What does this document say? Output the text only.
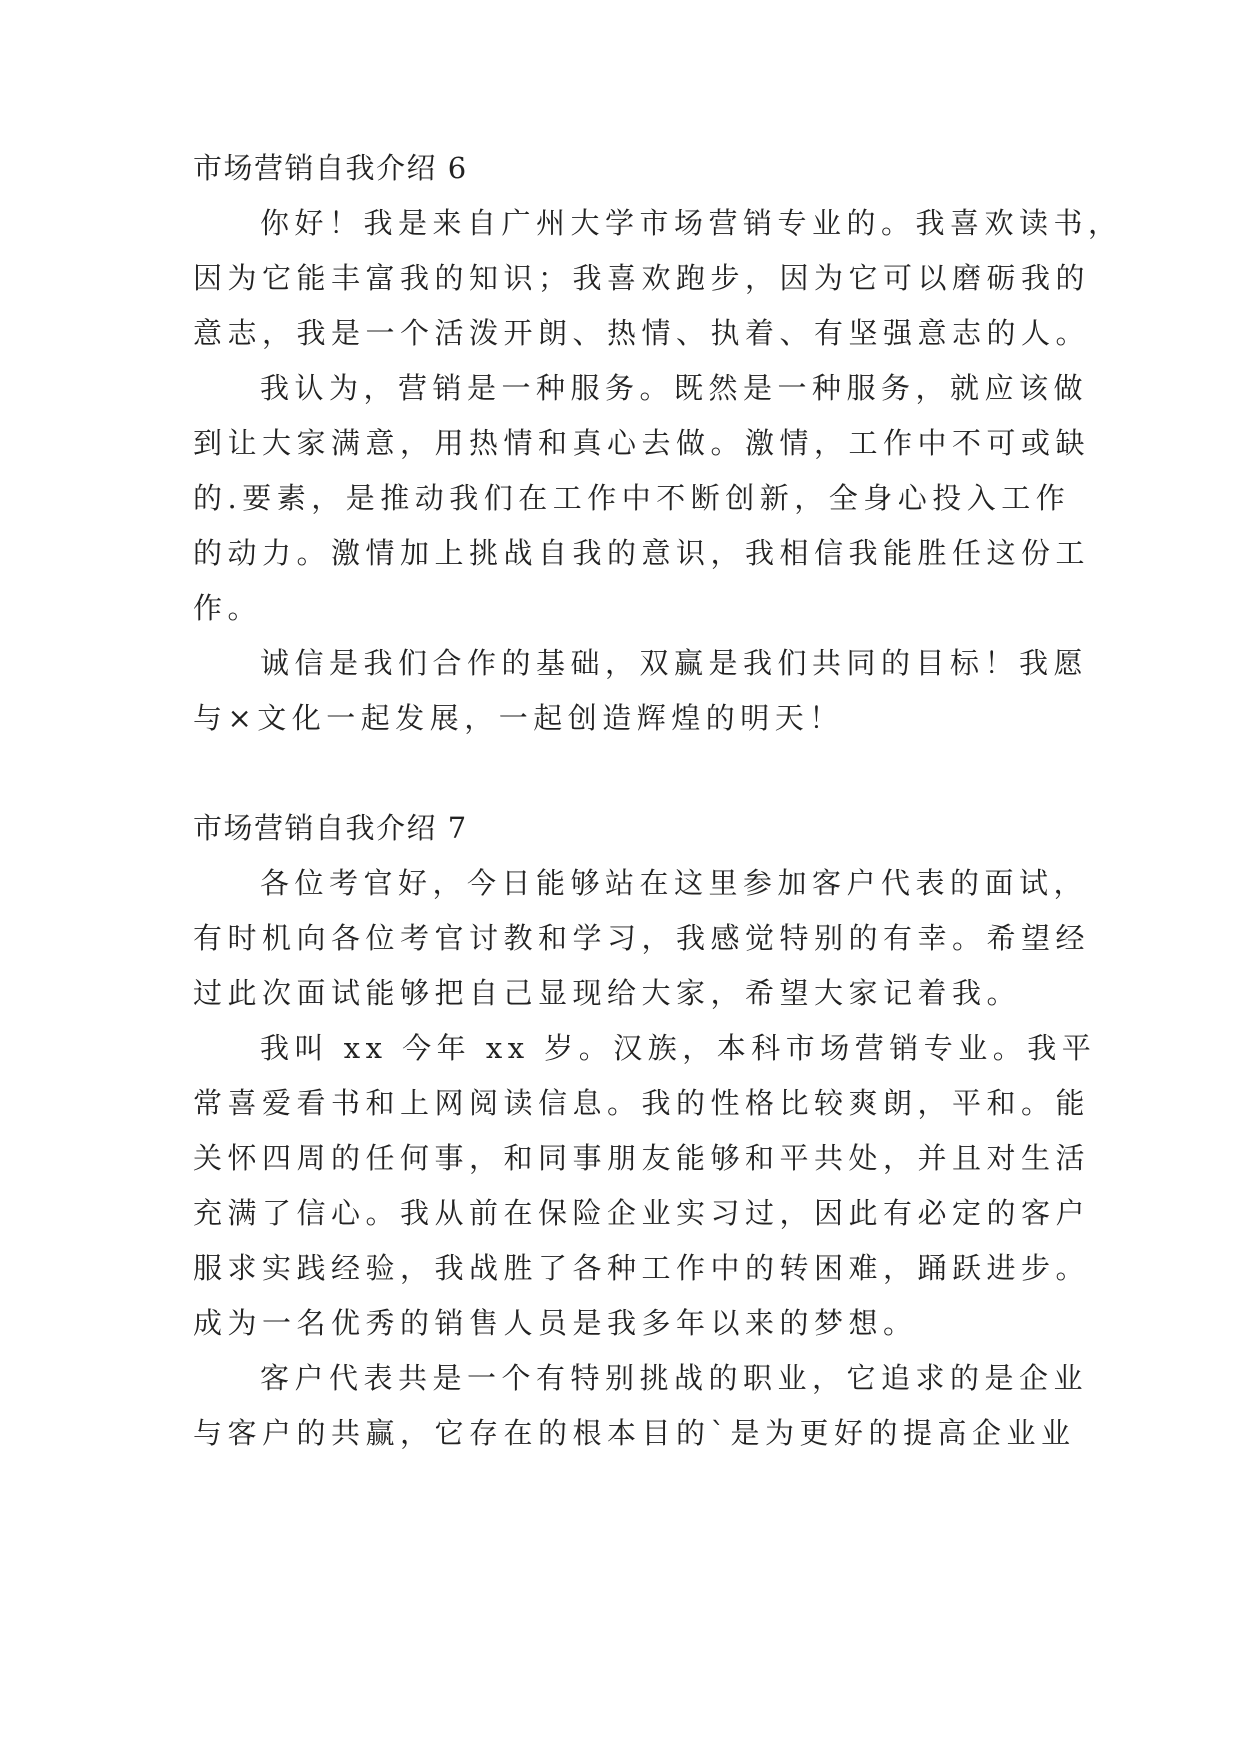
市场营销自我介绍 6
你好！我是来自广州大学市场营销专业的。我喜欢读书，
因为它能丰富我的知识；我喜欢跑步，因为它可以磨砺我的
意志，我是一个活泼开朗、热情、执着、有坚强意志的人。
我认为，营销是一种服务。既然是一种服务，就应该做
到让大家满意，用热情和真心去做。激情，工作中不可或缺
的.要素，是推动我们在工作中不断创新，全身心投入工作
的动力。激情加上挑战自我的意识，我相信我能胜任这份工
作。
诚信是我们合作的基础，双赢是我们共同的目标！我愿
与×文化一起发展，一起创造辉煌的明天！
市场营销自我介绍 7
各位考官好，今日能够站在这里参加客户代表的面试，
有时机向各位考官讨教和学习，我感觉特别的有幸。希望经
过此次面试能够把自己显现给大家，希望大家记着我。
我叫 xx 今年 xx 岁。汉族，本科市场营销专业。我平
常喜爱看书和上网阅读信息。我的性格比较爽朗，平和。能
关怀四周的任何事，和同事朋友能够和平共处，并且对生活
充满了信心。我从前在保险企业实习过，因此有必定的客户
服求实践经验，我战胜了各种工作中的转困难，踊跃进步。
成为一名优秀的销售人员是我多年以来的梦想。
客户代表共是一个有特别挑战的职业，它追求的是企业
与客户的共赢，它存在的根本目的`是为更好的提高企业业
